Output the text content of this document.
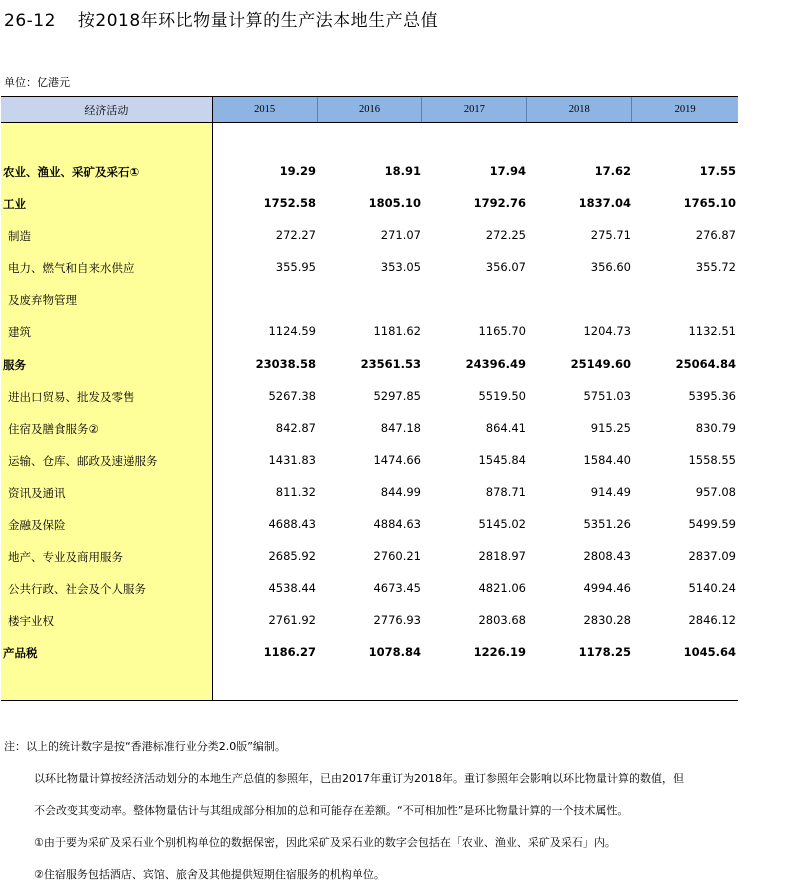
26-12 按2018年环比物量计算的生产法本地生产总值
单位：亿港元
经济活动	2015	2016	2017	2018	2019
农业、渔业、采矿及采石①	19.29	18.91	17.94	17.62	17.55
工业	1752.58	1805.10	1792.76	1837.04	1765.10
制造	272.27	271.07	272.25	275.71	276.87
电力、燃气和自来水供应	355.95	353.05	356.07	356.60	355.72
及废弃物管理
建筑	1124.59	1181.62	1165.70	1204.73	1132.51
服务	23038.58	23561.53	24396.49	25149.60	25064.84
进出口贸易、批发及零售	5267.38	5297.85	5519.50	5751.03	5395.36
住宿及膳食服务②	842.87	847.18	864.41	915.25	830.79
运输、仓库、邮政及速递服务	1431.83	1474.66	1545.84	1584.40	1558.55
资讯及通讯	811.32	844.99	878.71	914.49	957.08
金融及保险	4688.43	4884.63	5145.02	5351.26	5499.59
地产、专业及商用服务	2685.92	2760.21	2818.97	2808.43	2837.09
公共行政、社会及个人服务	4538.44	4673.45	4821.06	4994.46	5140.24
楼宇业权	2761.92	2776.93	2803.68	2830.28	2846.12
产品税	1186.27	1078.84	1226.19	1178.25	1045.64

注：以上的统计数字是按“香港标准行业分类2.0版”编制。

以环比物量计算按经济活动划分的本地生产总值的参照年，已由2017年重订为2018年。重订参照年会影响以环比物量计算的数值，但

不会改变其变动率。整体物量估计与其组成部分相加的总和可能存在差额。“不可相加性”是环比物量计算的一个技术属性。

①由于要为采矿及采石业个别机构单位的数据保密，因此采矿及采石业的数字会包括在「农业、渔业、采矿及采石」内。

②住宿服务包括酒店、宾馆、旅舍及其他提供短期住宿服务的机构单位。
